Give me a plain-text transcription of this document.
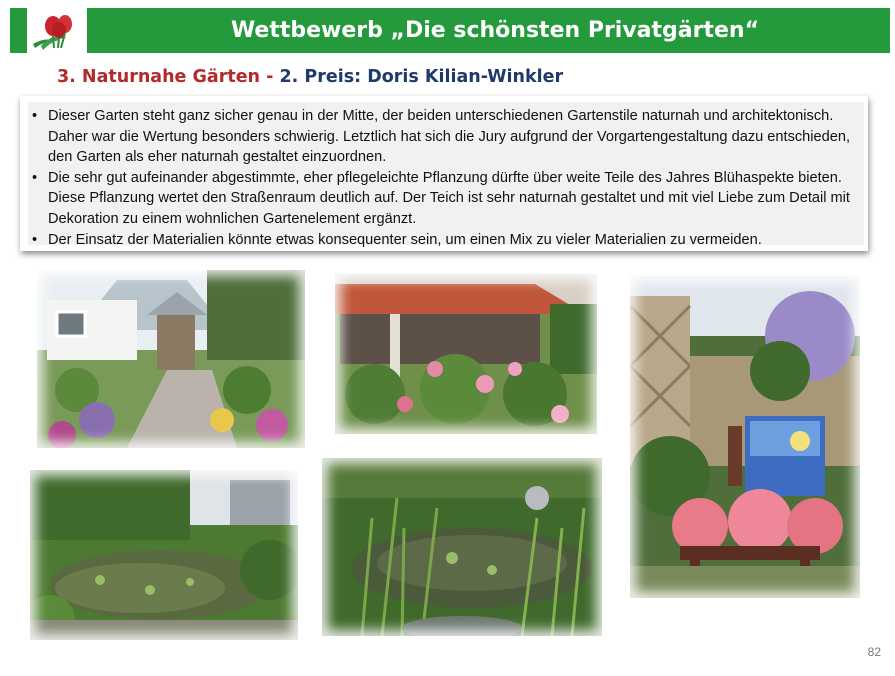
Wettbewerb „Die schönsten Privatgärten“
3. Naturnahe Gärten - 2. Preis: Doris Kilian-Winkler
• Dieser Garten steht ganz sicher genau in der Mitte, der beiden unterschiedenen Gartenstile naturnah und architektonisch. Daher war die Wertung besonders schwierig. Letztlich hat sich die Jury aufgrund der Vorgartengestaltung dazu entschieden, den Garten als eher naturnah gestaltet einzuordnen.
• Die sehr gut aufeinander abgestimmte, eher pflegeleichte Pflanzung dürfte über weite Teile des Jahres Blühaspekte bieten. Diese Pflanzung wertet den Straßenraum deutlich auf. Der Teich ist sehr naturnah gestaltet und mit viel Liebe zum Detail mit Dekoration zu einem wohnlichen Gartenelement ergänzt.
• Der Einsatz der Materialien könnte etwas konsequenter sein, um einen Mix zu vieler Materialien zu vermeiden.
82
